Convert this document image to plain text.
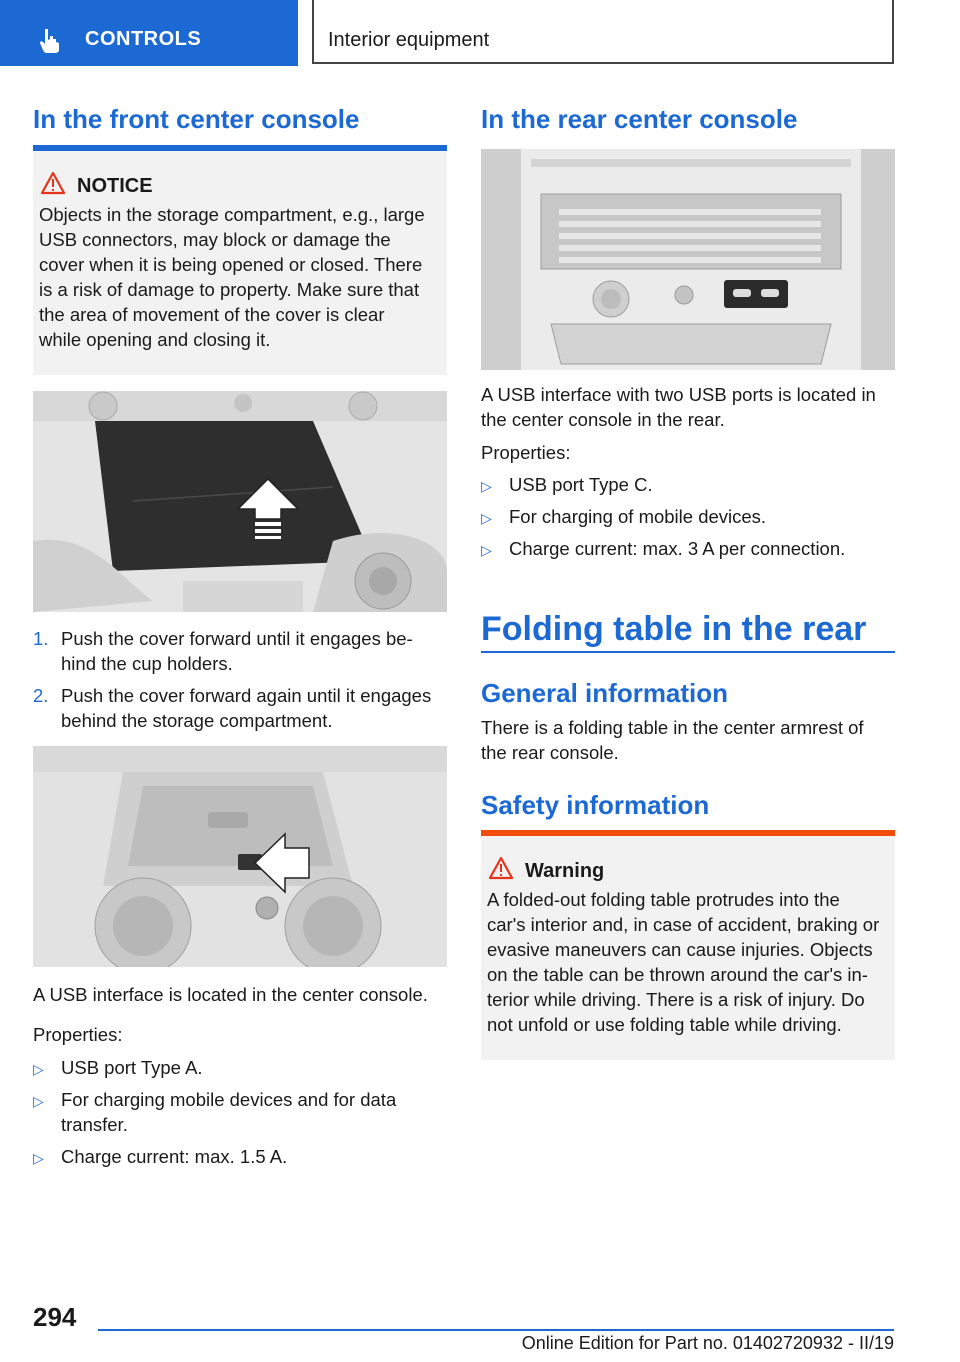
CONTROLS	Interior equipment
In the front center console
NOTICE
Objects in the storage compartment, e.g., large
USB connectors, may block or damage the
cover when it is being opened or closed. There
is a risk of damage to property. Make sure that
the area of movement of the cover is clear
while opening and closing it.
1. Push the cover forward until it engages be-
hind the cup holders.
2. Push the cover forward again until it engages
behind the storage compartment.

A USB interface is located in the center console.

Properties:

▷ USB port Type A.
▷ For charging mobile devices and for data
transfer.
▷ Charge current: max. 1.5 A.
In the rear center console
A USB interface with two USB ports is located in
the center console in the rear.

Properties:

▷ USB port Type C.
▷ For charging of mobile devices.
▷ Charge current: max. 3 A per connection.
Folding table in the rear
General information
There is a folding table in the center armrest of
the rear console.
Safety information
Warning
A folded-out folding table protrudes into the
car's interior and, in case of accident, braking or
evasive maneuvers can cause injuries. Objects
on the table can be thrown around the car's in-
terior while driving. There is a risk of injury. Do
not unfold or use folding table while driving.
294
Online Edition for Part no. 01402720932 - II/19
